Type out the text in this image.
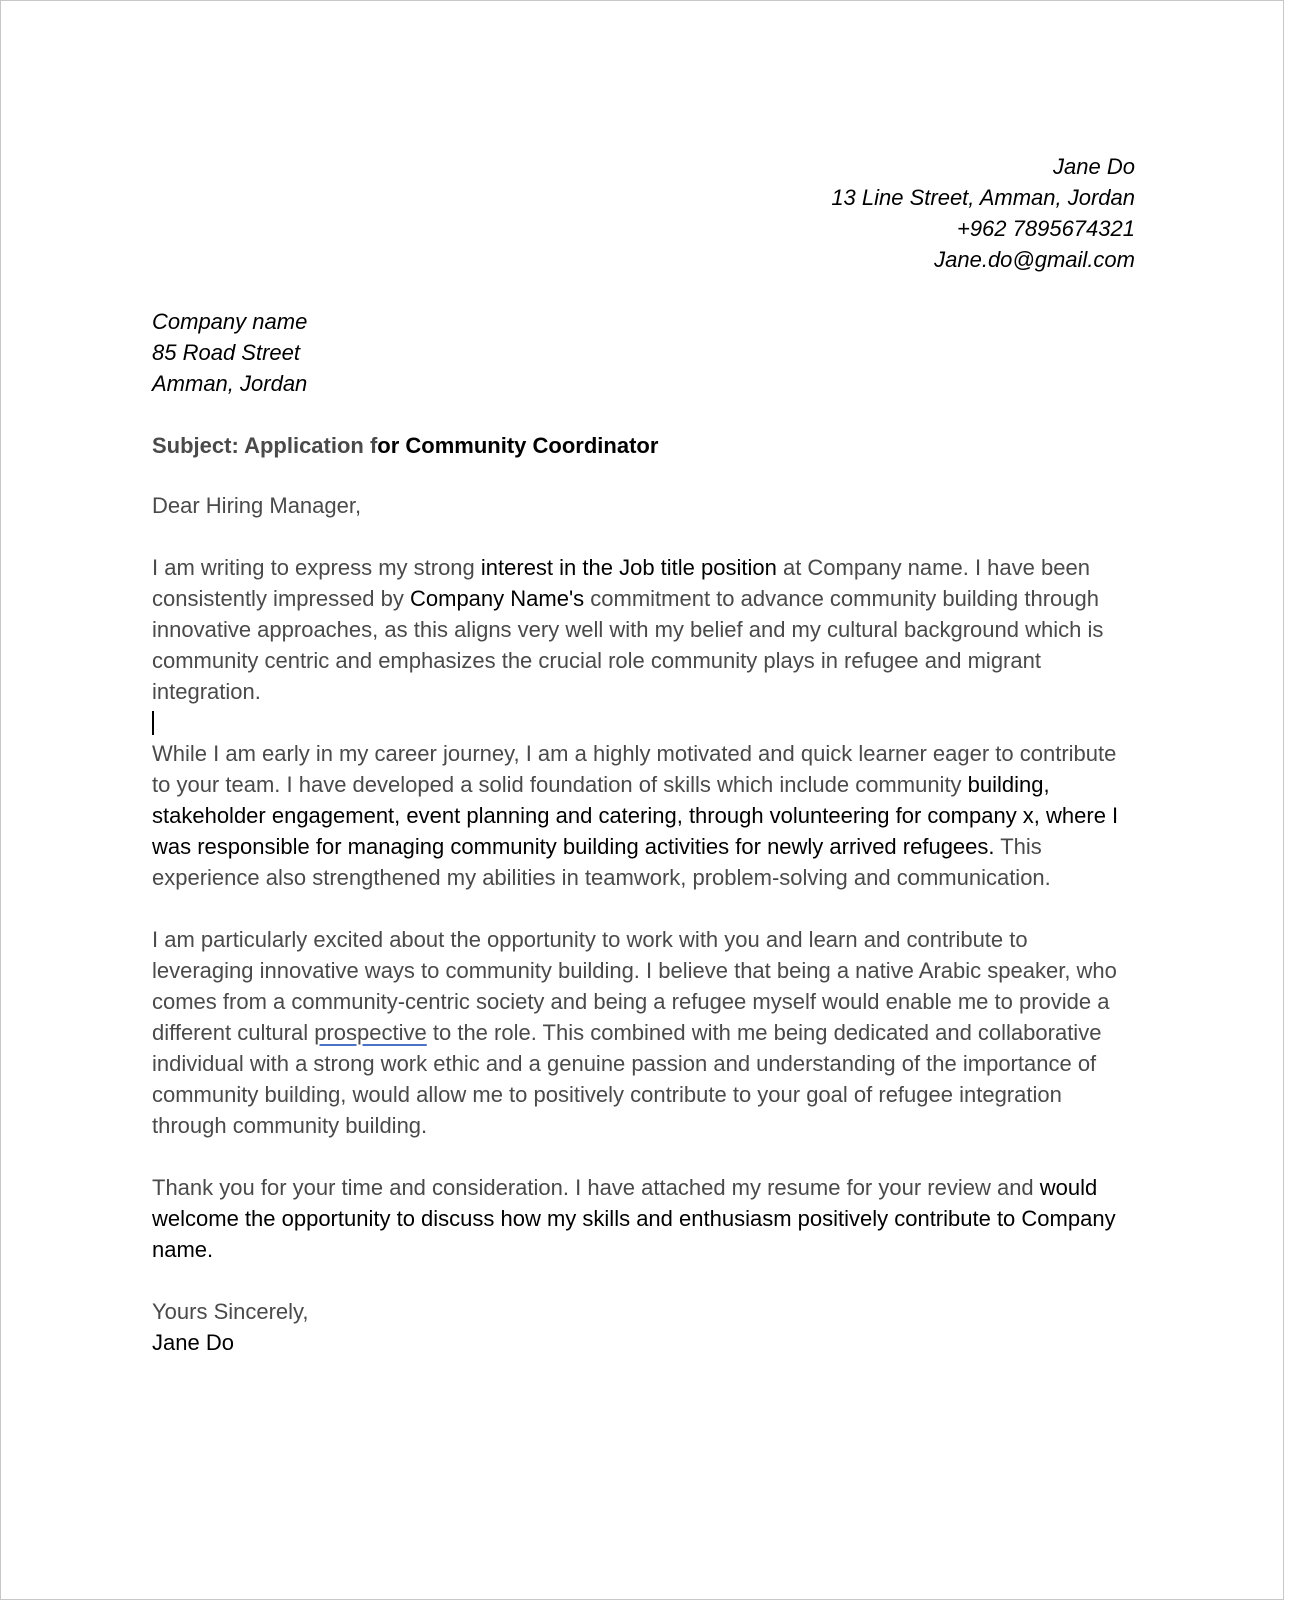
Jane Do
13 Line Street, Amman, Jordan
+962 7895674321
Jane.do@gmail.com
Company name
85 Road Street
Amman, Jordan
Subject: Application for Community Coordinator
Dear Hiring Manager,

I am writing to express my strong interest in the Job title position at Company name. I have been consistently impressed by Company Name's commitment to advance community building through innovative approaches, as this aligns very well with my belief and my cultural background which is community centric and emphasizes the crucial role community plays in refugee and migrant integration.

While I am early in my career journey, I am a highly motivated and quick learner eager to contribute to your team. I have developed a solid foundation of skills which include community building, stakeholder engagement, event planning and catering, through volunteering for company x, where I was responsible for managing community building activities for newly arrived refugees. This experience also strengthened my abilities in teamwork, problem-solving and communication.

I am particularly excited about the opportunity to work with you and learn and contribute to leveraging innovative ways to community building. I believe that being a native Arabic speaker, who comes from a community-centric society and being a refugee myself would enable me to provide a different cultural prospective to the role. This combined with me being dedicated and collaborative individual with a strong work ethic and a genuine passion and understanding of the importance of community building, would allow me to positively contribute to your goal of refugee integration through community building.

Thank you for your time and consideration. I have attached my resume for your review and would welcome the opportunity to discuss how my skills and enthusiasm positively contribute to Company name.

Yours Sincerely,
Jane Do
